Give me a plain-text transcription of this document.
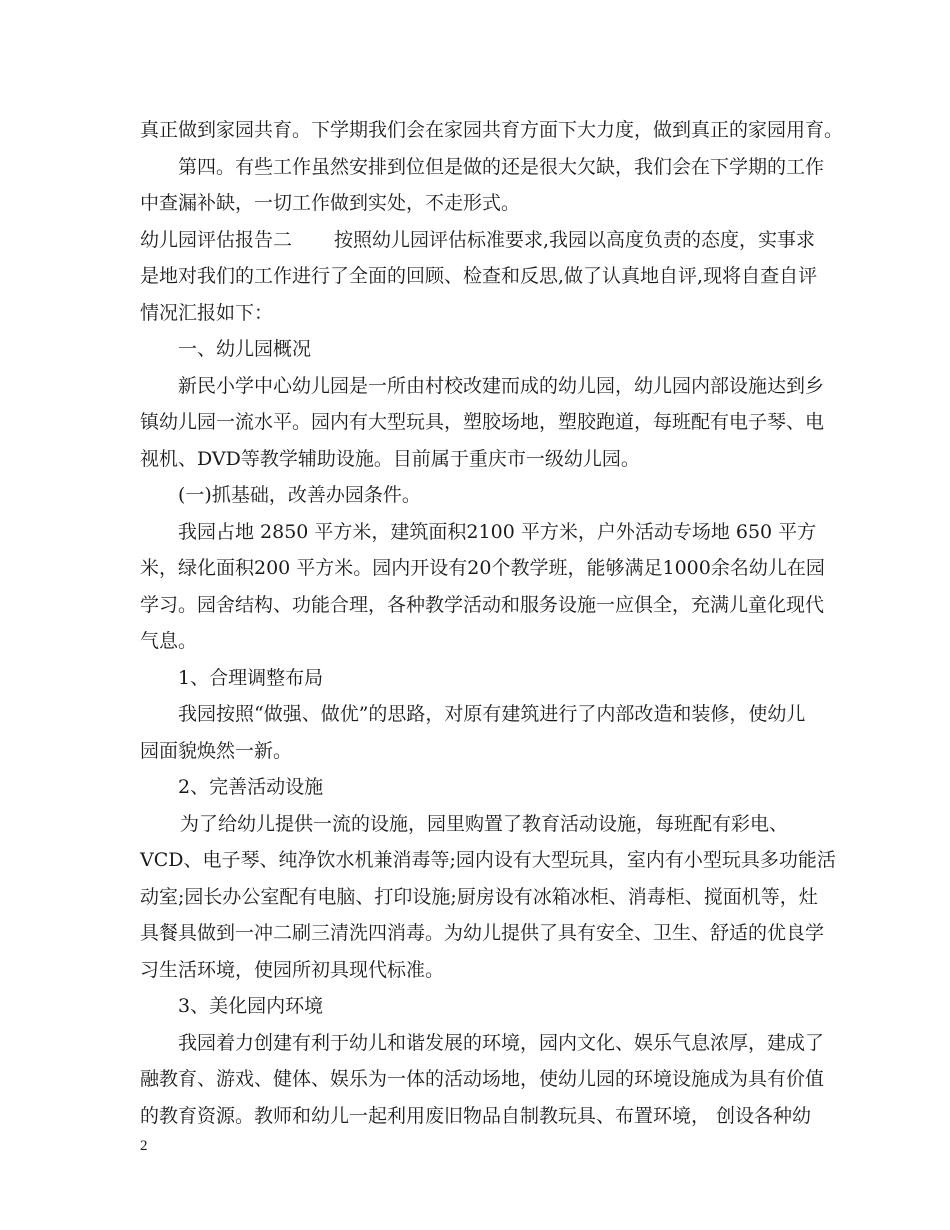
真正做到家园共育。下学期我们会在家园共育方面下大力度，做到真正的家园用育。
第四。有些工作虽然安排到位但是做的还是很大欠缺，我们会在下学期的工作
中查漏补缺，一切工作做到实处，不走形式。
幼儿园评估报告二 按照幼儿园评估标准要求,我园以高度负责的态度，实事求
是地对我们的工作进行了全面的回顾、检查和反思,做了认真地自评,现将自查自评
情况汇报如下：
一、幼儿园概况
新民小学中心幼儿园是一所由村校改建而成的幼儿园，幼儿园内部设施达到乡
镇幼儿园一流水平。园内有大型玩具，塑胶场地，塑胶跑道，每班配有电子琴、电
视机、DVD等教学辅助设施。目前属于重庆市一级幼儿园。
(一)抓基础，改善办园条件。
我园占地 2850 平方米，建筑面积2100 平方米，户外活动专场地 650 平方
米，绿化面积200 平方米。园内开设有20个教学班，能够满足1000余名幼儿在园
学习。园舍结构、功能合理，各种教学活动和服务设施一应俱全，充满儿童化现代
气息。
1、合理调整布局
我园按照“做强、做优”的思路，对原有建筑进行了内部改造和装修，使幼儿
园面貌焕然一新。
2、完善活动设施
为了给幼儿提供一流的设施，园里购置了教育活动设施，每班配有彩电、
VCD、电子琴、纯净饮水机兼消毒等;园内设有大型玩具，室内有小型玩具多功能活
动室;园长办公室配有电脑、打印设施;厨房设有冰箱冰柜、消毒柜、搅面机等，灶
具餐具做到一冲二刷三清洗四消毒。为幼儿提供了具有安全、卫生、舒适的优良学
习生活环境，使园所初具现代标准。
3、美化园内环境
我园着力创建有利于幼儿和谐发展的环境，园内文化、娱乐气息浓厚，建成了
融教育、游戏、健体、娱乐为一体的活动场地，使幼儿园的环境设施成为具有价值
的教育资源。教师和幼儿一起利用废旧物品自制教玩具、布置环境， 创设各种幼
2
